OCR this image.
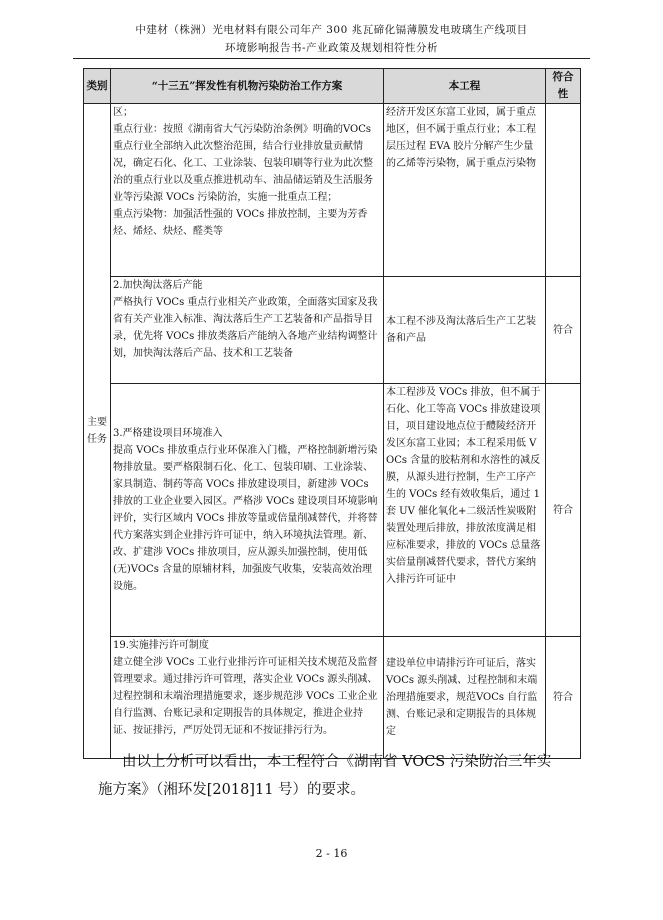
中建材（株洲）光电材料有限公司年产 300 兆瓦碲化镉薄膜发电玻璃生产线项目
环境影响报告书-产业政策及规划相符性分析
类别	“十三五”挥发性有机物污染防治工作方案	本工程	符合性
主要任务	区；
重点行业：按照《湖南省大气污染防治条例》明确的VOCs 重点行业全部纳入此次整治范围，结合行业排放量贡献情况，确定石化、化工、工业涂装、包装印刷等行业为此次整治的重点行业以及重点推进机动车、油品储运销及生活服务业等污染源 VOCs 污染防治，实施一批重点工程；
重点污染物：加强活性强的 VOCs 排放控制，主要为芳香烃、烯烃、炔烃、醛类等	经济开发区东富工业园，属于重点地区，但不属于重点行业；本工程层压过程 EVA 胶片分解产生少量的乙烯等污染物，属于重点污染物	

	2.加快淘汰落后产能
严格执行 VOCs 重点行业相关产业政策，全面落实国家及我省有关产业准入标准、淘汰落后生产工艺装备和产品指导目录，优先将 VOCs 排放类落后产能纳入各地产业结构调整计划，加快淘汰落后产品、技术和工艺装备	本工程不涉及淘汰落后生产工艺装备和产品	符合

	3.严格建设项目环境准入
提高 VOCs 排放重点行业环保准入门槛，严格控制新增污染物排放量。要严格限制石化、化工、包装印刷、工业涂装、家具制造、制药等高 VOCs 排放建设项目，新建涉 VOCs 排放的工业企业要入园区。严格涉 VOCs 建设项目环境影响评价，实行区域内 VOCs 排放等量或倍量削减替代，并将替代方案落实到企业排污许可证中，纳入环境执法管理。新、改、扩建涉 VOCs 排放项目，应从源头加强控制，使用低(无)VOCs 含量的原辅材料，加强废气收集，安装高效治理设施。	本工程涉及 VOCs 排放，但不属于石化、化工等高 VOCs 排放建设项目，项目建设地点位于醴陵经济开发区东富工业园；本工程采用低 VOCs 含量的胶粘剂和水溶性的减反膜，从源头进行控制，生产工序产生的 VOCs 经有效收集后，通过 1 套 UV 催化氧化+二级活性炭吸附装置处理后排放，排放浓度满足相应标准要求，排放的 VOCs 总量落实倍量削减替代要求，替代方案纳入排污许可证中	符合

	19.实施排污许可制度
建立健全涉 VOCs 工业行业排污许可证相关技术规范及监督管理要求。通过排污许可管理，落实企业 VOCs 源头削减、过程控制和末端治理措施要求，逐步规范涉 VOCs 工业企业自行监测、台账记录和定期报告的具体规定，推进企业持证、按证排污，严厉处罚无证和不按证排污行为。	建设单位申请排污许可证后，落实 VOCs 源头削减、过程控制和末端治理措施要求，规范VOCs 自行监测、台账记录和定期报告的具体规定	符合
由以上分析可以看出，本工程符合《湖南省 VOCS 污染防治三年实
施方案》（湘环发[2018]11 号）的要求。
2 - 16
